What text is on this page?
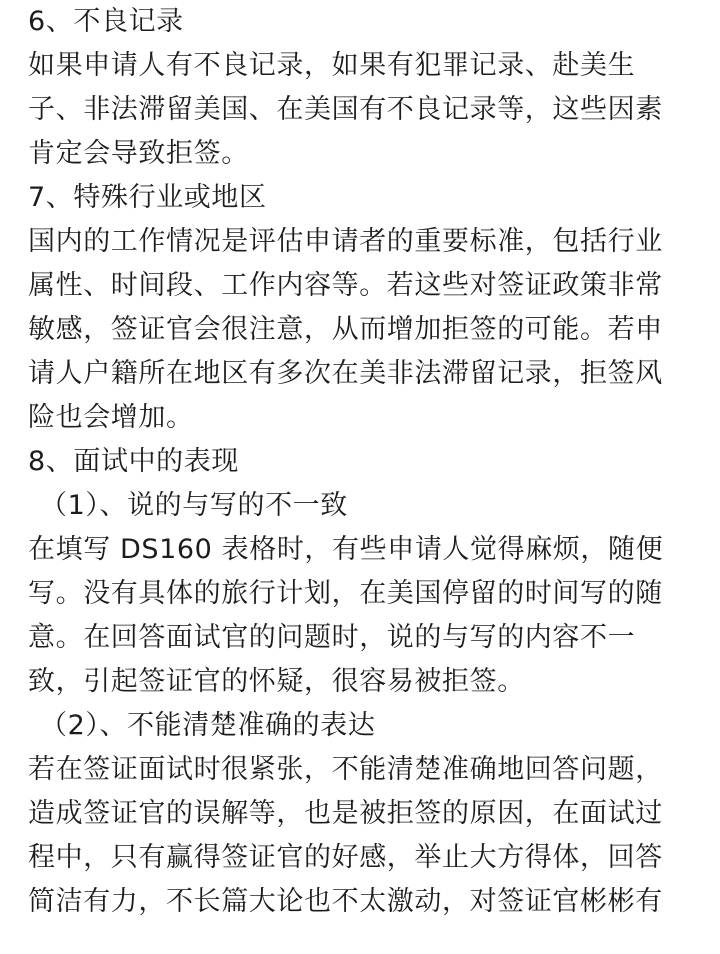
6、不良记录
如果申请人有不良记录，如果有犯罪记录、赴美生
子、非法滞留美国、在美国有不良记录等，这些因素
肯定会导致拒签。
7、特殊行业或地区
国内的工作情况是评估申请者的重要标准，包括行业
属性、时间段、工作内容等。若这些对签证政策非常
敏感，签证官会很注意，从而增加拒签的可能。若申
请人户籍所在地区有多次在美非法滞留记录，拒签风
险也会增加。
8、面试中的表现
（1）、说的与写的不一致
在填写 DS160 表格时，有些申请人觉得麻烦，随便
写。没有具体的旅行计划，在美国停留的时间写的随
意。在回答面试官的问题时，说的与写的内容不一
致，引起签证官的怀疑，很容易被拒签。
（2）、不能清楚准确的表达
若在签证面试时很紧张，不能清楚准确地回答问题，
造成签证官的误解等，也是被拒签的原因，在面试过
程中，只有赢得签证官的好感，举止大方得体，回答
简洁有力，不长篇大论也不太激动，对签证官彬彬有
